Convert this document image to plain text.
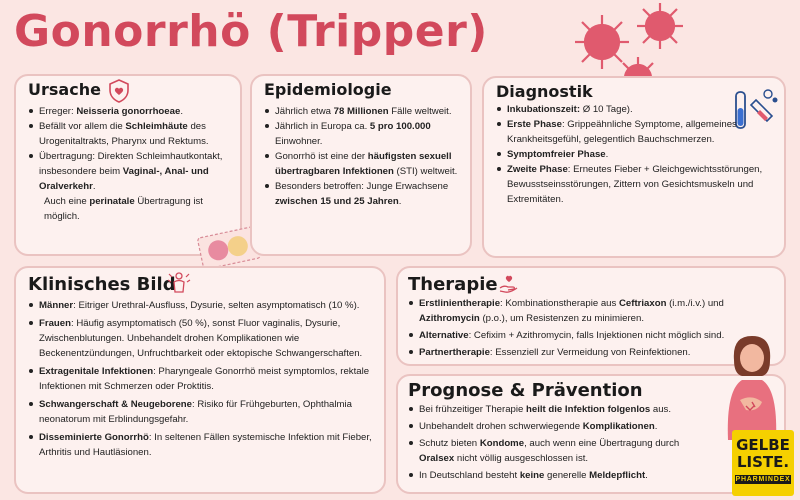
Gonorrhö (Tripper)
Ursache
Erreger: Neisseria gonorrhoeae.
Befällt vor allem die Schleimhäute des Urogenitaltrakts, Pharynx und Rektums.
Übertragung: Direkten Schleimhautkontakt, insbesondere beim Vaginal-, Anal- und Oralverkehr.
Auch eine perinatale Übertragung ist möglich.
Epidemiologie
Jährlich etwa 78 Millionen Fälle weltweit.
Jährlich in Europa ca. 5 pro 100.000 Einwohner.
Gonorrhö ist eine der häufigsten sexuell übertragbaren Infektionen (STI) weltweit.
Besonders betroffen: Junge Erwachsene zwischen 15 und 25 Jahren.
Diagnostik
Inkubationszeit: Ø 10 Tage).
Erste Phase: Grippeähnliche Symptome, allgemeines Krankheitsgefühl, gelegentlich Bauchschmerzen.
Symptomfreier Phase.
Zweite Phase: Erneutes Fieber + Gleichgewichtsstörungen, Bewusstseinsstörungen, Zittern von Gesichtsmuskeln und Extremitäten.
Klinisches Bild
Männer: Eitriger Urethral-Ausfluss, Dysurie, selten asymptomatisch (10 %).
Frauen: Häufig asymptomatisch (50 %), sonst Fluor vaginalis, Dysurie, Zwischenblutungen. Unbehandelt drohen Komplikationen wie Beckenentzündungen, Unfruchtbarkeit oder ektopische Schwangerschaften.
Extragenitale Infektionen: Pharyngeale Gonorrhö meist symptomlos, rektale Infektionen mit Schmerzen oder Proktitis.
Schwangerschaft & Neugeborene: Risiko für Frühgeburten, Ophthalmia neonatorum mit Erblindungsgefahr.
Disseminierte Gonorrhö: In seltenen Fällen systemische Infektion mit Fieber, Arthritis und Hautläsionen.
Therapie
Erstlinientherapie: Kombinationstherapie aus Ceftriaxon (i.m./i.v.) und Azithromycin (p.o.), um Resistenzen zu minimieren.
Alternative: Cefixim + Azithromycin, falls Injektionen nicht möglich sind.
Partnertherapie: Essenziell zur Vermeidung von Reinfektionen.
Prognose & Prävention
Bei frühzeitiger Therapie heilt die Infektion folgenlos aus.
Unbehandelt drohen schwerwiegende Komplikationen.
Schutz bieten Kondome, auch wenn eine Übertragung durch Oralsex nicht völlig ausgeschlossen ist.
In Deutschland besteht keine generelle Meldepflicht.
GELBE
LISTE.
PHARMINDEX
